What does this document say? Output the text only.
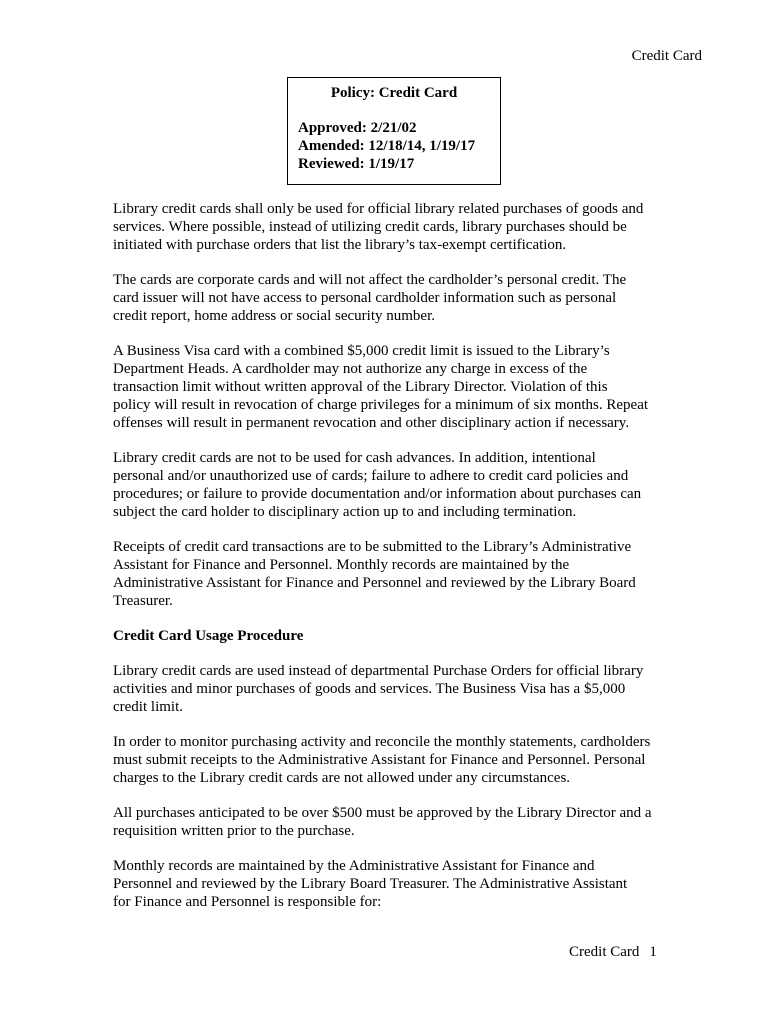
Credit Card
Policy: Credit Card
Approved: 2/21/02
Amended: 12/18/14, 1/19/17
Reviewed: 1/19/17

Library credit cards shall only be used for official library related purchases of goods and
services. Where possible, instead of utilizing credit cards, library purchases should be
initiated with purchase orders that list the library’s tax-exempt certification.

The cards are corporate cards and will not affect the cardholder’s personal credit. The
card issuer will not have access to personal cardholder information such as personal
credit report, home address or social security number.

A Business Visa card with a combined $5,000 credit limit is issued to the Library’s
Department Heads. A cardholder may not authorize any charge in excess of the
transaction limit without written approval of the Library Director. Violation of this
policy will result in revocation of charge privileges for a minimum of six months. Repeat
offenses will result in permanent revocation and other disciplinary action if necessary.

Library credit cards are not to be used for cash advances. In addition, intentional
personal and/or unauthorized use of cards; failure to adhere to credit card policies and
procedures; or failure to provide documentation and/or information about purchases can
subject the card holder to disciplinary action up to and including termination.

Receipts of credit card transactions are to be submitted to the Library’s Administrative
Assistant for Finance and Personnel. Monthly records are maintained by the
Administrative Assistant for Finance and Personnel and reviewed by the Library Board
Treasurer.

Credit Card Usage Procedure

Library credit cards are used instead of departmental Purchase Orders for official library
activities and minor purchases of goods and services. The Business Visa has a $5,000
credit limit.

In order to monitor purchasing activity and reconcile the monthly statements, cardholders
must submit receipts to the Administrative Assistant for Finance and Personnel. Personal
charges to the Library credit cards are not allowed under any circumstances.

All purchases anticipated to be over $500 must be approved by the Library Director and a
requisition written prior to the purchase.

Monthly records are maintained by the Administrative Assistant for Finance and
Personnel and reviewed by the Library Board Treasurer. The Administrative Assistant
for Finance and Personnel is responsible for:

Credit Card 1
